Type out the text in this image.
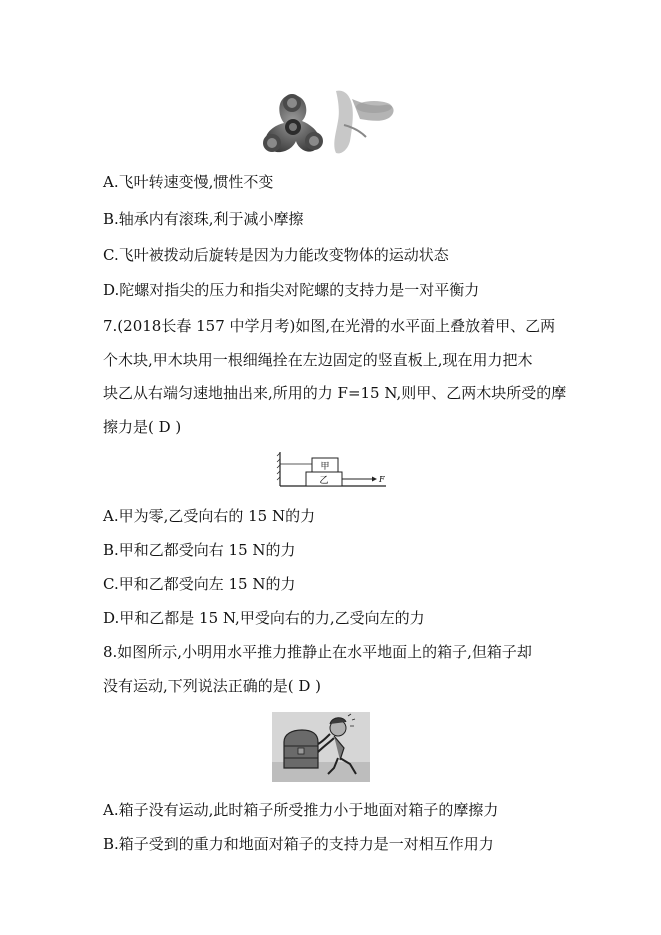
A.飞叶转速变慢,惯性不变
B.轴承内有滚珠,利于减小摩擦
C.飞叶被拨动后旋转是因为力能改变物体的运动状态
D.陀螺对指尖的压力和指尖对陀螺的支持力是一对平衡力
7.(2018长春 157 中学月考)如图,在光滑的水平面上叠放着甲、乙两
个木块,甲木块用一根细绳拴在左边固定的竖直板上,现在用力把木
块乙从右端匀速地抽出来,所用的力 F=15 N,则甲、乙两木块所受的摩
擦力是( D )
甲
乙	F
A.甲为零,乙受向右的 15 N的力
B.甲和乙都受向右 15 N的力
C.甲和乙都受向左 15 N的力
D.甲和乙都是 15 N,甲受向右的力,乙受向左的力
8.如图所示,小明用水平推力推静止在水平地面上的箱子,但箱子却
没有运动,下列说法正确的是( D )
A.箱子没有运动,此时箱子所受推力小于地面对箱子的摩擦力
B.箱子受到的重力和地面对箱子的支持力是一对相互作用力
